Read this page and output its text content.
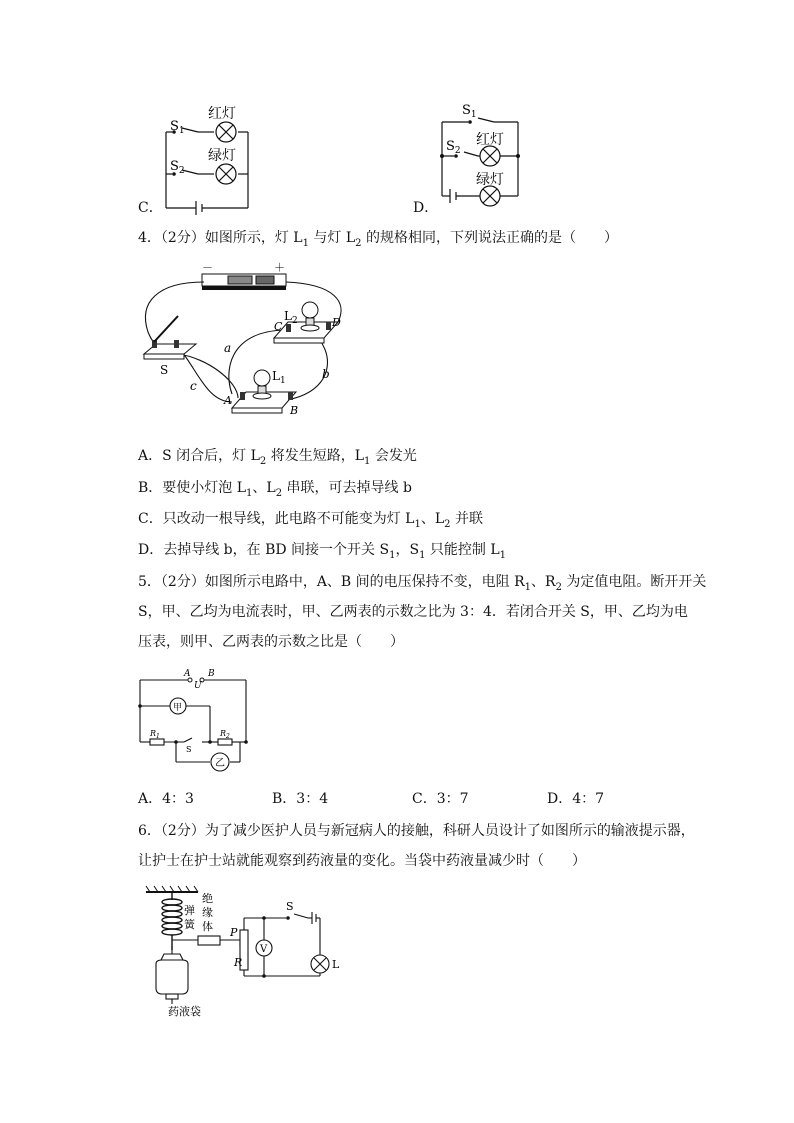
$S_1$
$S_2$
红灯
绿灯
C．
$S_1$
$S_2$
红灯
绿灯
D．
4．（2分）如图所示，灯 $L_1$ 与灯 $L_2$ 的规格相同，下列说法正确的是（　　）
－	＋
S
$L_2$
C	D
$L_1$
A
B
a
b
c
A．S 闭合后，灯 $L_2$ 将发生短路，$L_1$ 会发光
B．要使小灯泡 $L_1$、$L_2$ 串联，可去掉导线 b
C．只改动一根导线，此电路不可能变为灯 $L_1$、$L_2$ 并联
D．去掉导线 b，在 BD 间接一个开关 $S_1$，$S_1$ 只能控制 $L_1$
5．（2分）如图所示电路中，A、B 间的电压保持不变，电阻 $R_1$、$R_2$ 为定值电阻。断开开关
S，甲、乙均为电流表时，甲、乙两表的示数之比为 3：4．若闭合开关 S，甲、乙均为电
压表，则甲、乙两表的示数之比是（　　）
A B
U
甲
乙
$R_1$	$R_2$
S
A．4：3	B．3：4	C．3：7	D．4：7
6．（2分）为了减少医护人员与新冠病人的接触，科研人员设计了如图所示的输液提示器，
让护士在护士站就能观察到药液量的变化。当袋中药液量减少时（　　）
绝
缘
体
弹
簧
P
R
V
S
L
药液袋
